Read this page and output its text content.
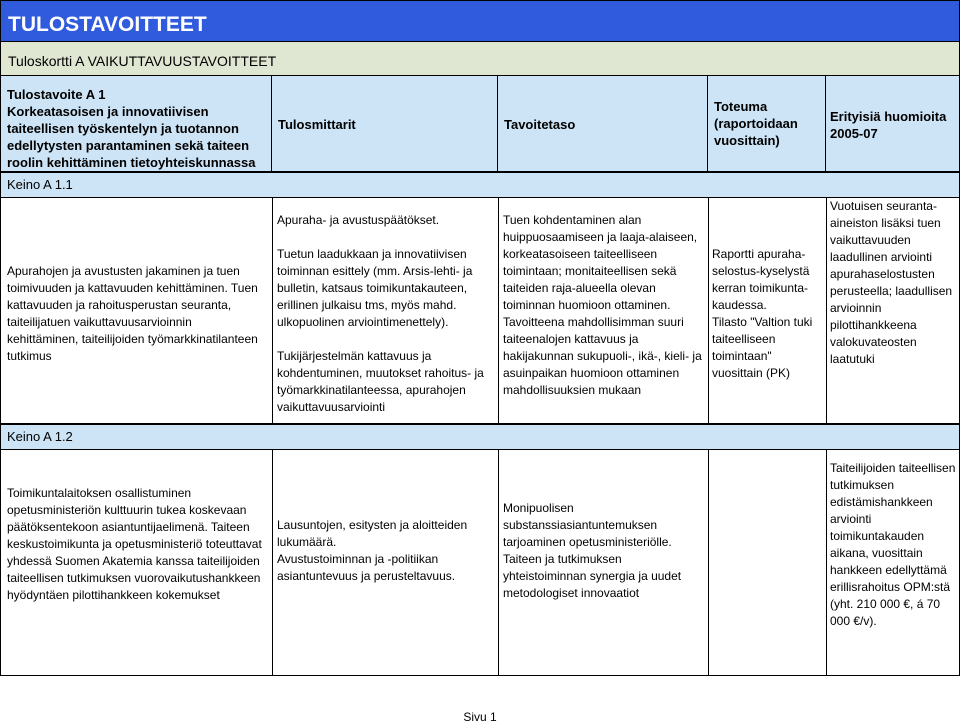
TULOSTAVOITTEET
Tuloskortti A VAIKUTTAVUUSTAVOITTEET
Tulostavoite A 1
Korkeatasoisen ja innovatiivisen taiteellisen työskentelyn ja tuotannon edellytysten parantaminen sekä taiteen roolin kehittäminen tietoyhteiskunnassa
Tulosmittarit	Tavoitetaso
Toteuma
(raportoidaan vuosittain)
Erityisiä huomioita
2005-07
Keino A 1.1
Apurahojen ja avustusten jakaminen ja tuen toimivuuden ja kattavuuden kehittäminen. Tuen kattavuuden ja rahoitusperustan seuranta, taiteilijatuen vaikuttavuusarvioinnin kehittäminen, taiteilijoiden työmarkkinatilanteen tutkimus
Apuraha- ja avustuspäätökset.

Tuetun laadukkaan ja innovatiivisen toiminnan esittely (mm. Arsis-lehti- ja bulletin, katsaus toimikuntakauteen, erillinen julkaisu tms, myös mahd. ulkopuolinen arviointimenettely).

Tukijärjestelmän kattavuus ja kohdentuminen, muutokset rahoitus- ja työmarkkinatilanteessa, apurahojen vaikuttavuusarviointi
Tuen kohdentaminen alan huippuosaamiseen ja laaja-alaiseen, korkeatasoiseen taiteelliseen toimintaan; monitaiteellisen sekä taiteiden raja-alueella olevan toiminnan huomioon ottaminen. Tavoitteena mahdollisimman suuri taiteenalojen kattavuus ja hakijakunnan sukupuoli-, ikä-, kieli- ja asuinpaikan huomioon ottaminen mahdollisuuksien mukaan
Raportti apuraha-selostus-kyselystä kerran toimikunta-kaudessa.
Tilasto "Valtion tuki taiteelliseen toimintaan" vuosittain (PK)
Vuotuisen seuranta-aineiston lisäksi tuen vaikuttavuuden laadullinen arviointi apurahaselostusten perusteella; laadullisen arvioinnin pilottihankkeena valokuvateosten laatutuki
Keino A 1.2
Toimikuntalaitoksen osallistuminen opetusministeriön kulttuurin tukea koskevaan päätöksentekoon asiantuntijaelimenä. Taiteen keskustoimikunta ja opetusministeriö toteuttavat yhdessä Suomen Akatemia kanssa taiteilijoiden taiteellisen tutkimuksen vuorovaikutushankkeen hyödyntäen pilottihankkeen kokemukset
Lausuntojen, esitysten ja aloitteiden lukumäärä.
Avustustoiminnan ja -politiikan asiantuntevuus ja perusteltavuus.
Monipuolisen substanssiasiantuntemuksen tarjoaminen opetusministeriölle. Taiteen ja tutkimuksen yhteistoiminnan synergia ja uudet metodologiset innovaatiot
Taiteilijoiden taiteellisen tutkimuksen edistämishankkeen arviointi toimikuntakauden aikana, vuosittain hankkeen edellyttämä erillisrahoitus OPM:stä (yht. 210 000 €, á 70 000 €/v).
Sivu 1
